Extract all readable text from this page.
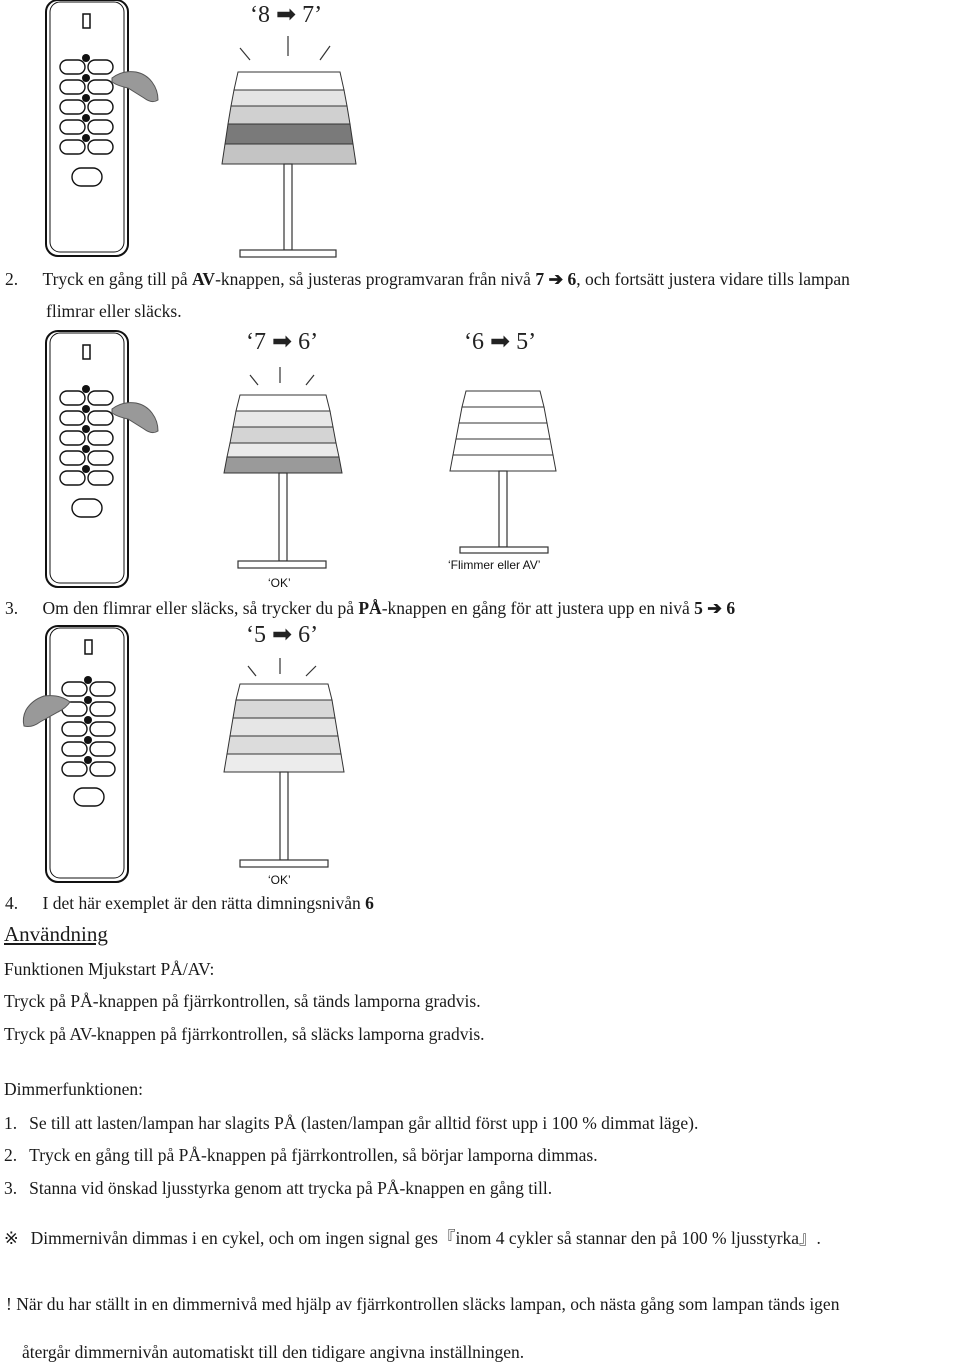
‘8 ➡ 7’
2. Tryck en gång till på AV-knappen, så justeras programvaran från nivå 7 ➔ 6, och fortsätt justera vidare tills lampan
flimrar eller släcks.
‘7 ➡ 6’
‘OK’
‘6 ➡ 5’
‘Flimmer eller AV’
3. Om den flimrar eller släcks, så trycker du på PÅ-knappen en gång för att justera upp en nivå 5 ➔ 6
‘5 ➡ 6’
‘OK’
4. I det här exemplet är den rätta dimningsnivån 6
Användning
Funktionen Mjukstart PÅ/AV:
Tryck på PÅ-knappen på fjärrkontrollen, så tänds lamporna gradvis.
Tryck på AV-knappen på fjärrkontrollen, så släcks lamporna gradvis.
Dimmerfunktionen:
1. Se till att lasten/lampan har slagits PÅ (lasten/lampan går alltid först upp i 100 % dimmat läge).
2. Tryck en gång till på PÅ-knappen på fjärrkontrollen, så börjar lamporna dimmas.
3. Stanna vid önskad ljusstyrka genom att trycka på PÅ-knappen en gång till.
※ Dimmernivån dimmas i en cykel, och om ingen signal ges『inom 4 cykler så stannar den på 100 % ljusstyrka』.
! När du har ställt in en dimmernivå med hjälp av fjärrkontrollen släcks lampan, och nästa gång som lampan tänds igen
återgår dimmernivån automatiskt till den tidigare angivna inställningen.
